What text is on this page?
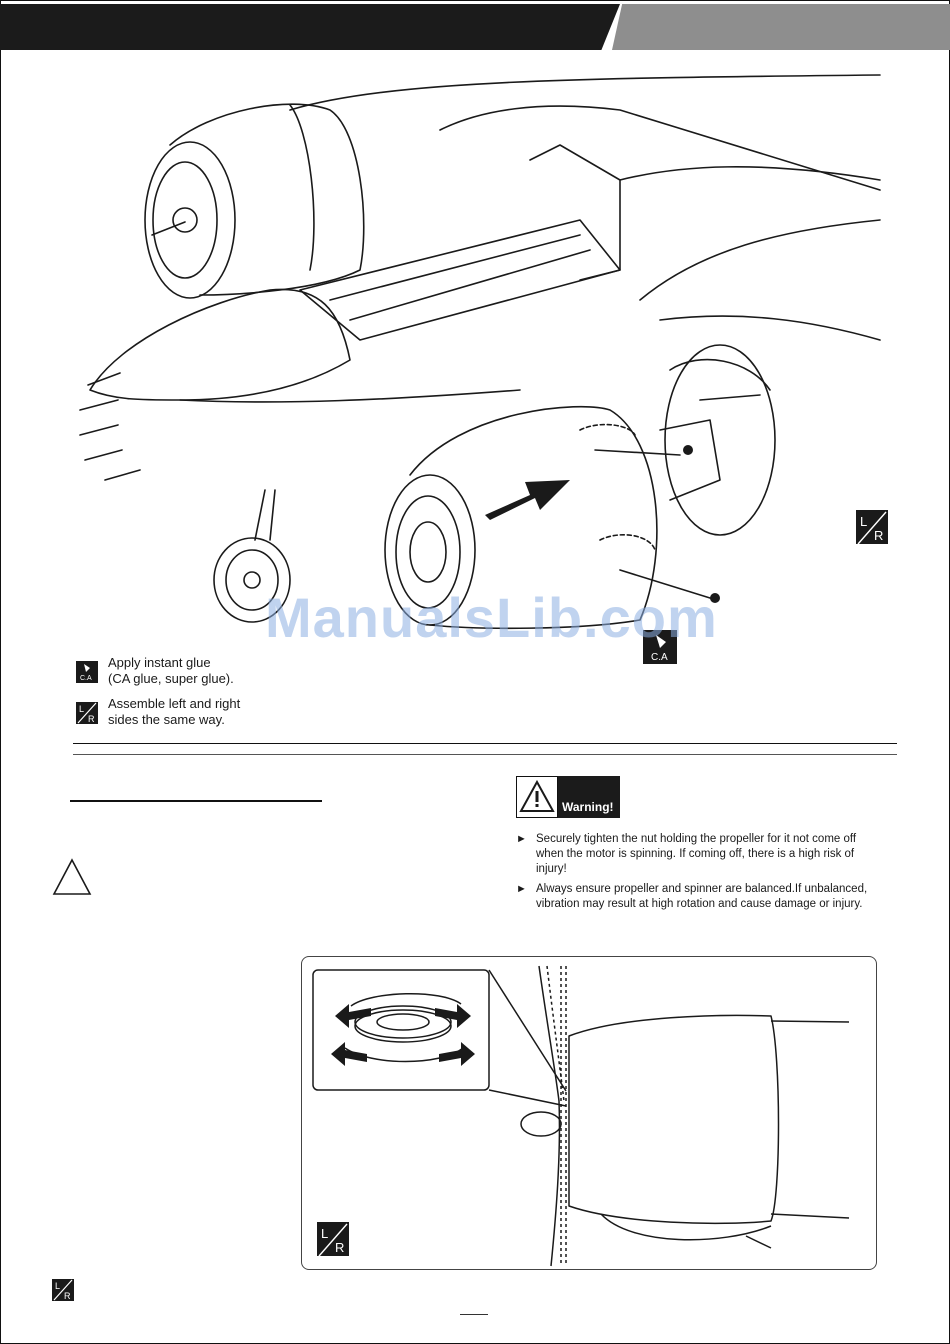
L
R
C.A
ManualsLib.com
C.A
Apply instant glue
(CA glue, super glue).
L
R
Assemble left and right
sides the same way.
Warning!
► Securely tighten the nut holding the propeller for it not come off
when the motor is spinning. If coming off, there is a high risk of
injury!
► Always ensure propeller and spinner are balanced.If unbalanced,
vibration may result at high rotation and cause damage or injury.
L
R
L
R
